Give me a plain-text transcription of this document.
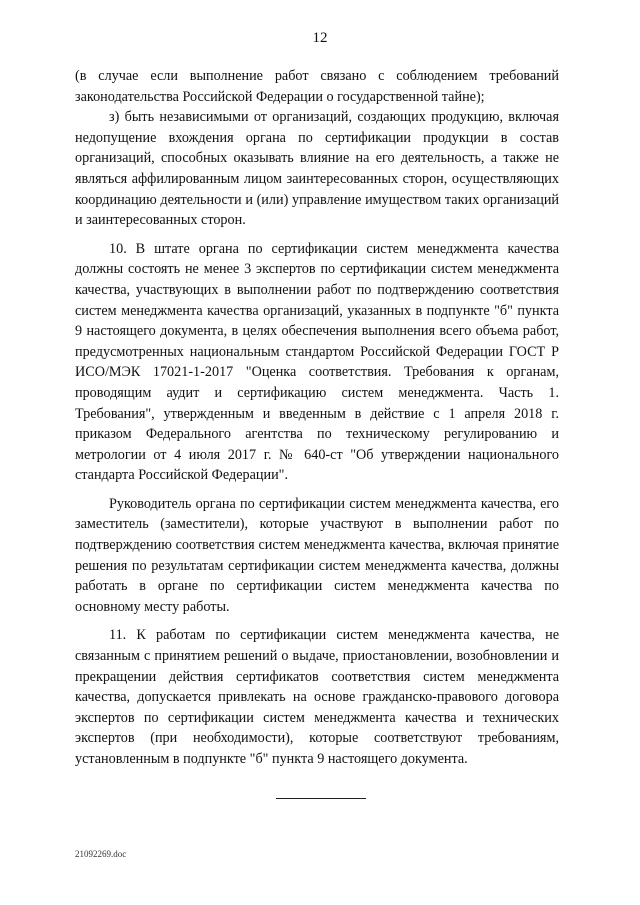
12

(в случае если выполнение работ связано с соблюдением требований законодательства Российской Федерации о государственной тайне);

з) быть независимыми от организаций, создающих продукцию, включая недопущение вхождения органа по сертификации продукции в состав организаций, способных оказывать влияние на его деятельность, а также не являться аффилированным лицом заинтересованных сторон, осуществляющих координацию деятельности и (или) управление имуществом таких организаций и заинтересованных сторон.

10. В штате органа по сертификации систем менеджмента качества должны состоять не менее 3 экспертов по сертификации систем менеджмента качества, участвующих в выполнении работ по подтверждению соответствия систем менеджмента качества организаций, указанных в подпункте "б" пункта 9 настоящего документа, в целях обеспечения выполнения всего объема работ, предусмотренных национальным стандартом Российской Федерации ГОСТ Р ИСО/МЭК 17021-1-2017 "Оценка соответствия. Требования к органам, проводящим аудит и сертификацию систем менеджмента. Часть 1. Требования", утвержденным и введенным в действие с 1 апреля 2018 г. приказом Федерального агентства по техническому регулированию и метрологии от 4 июля 2017 г. № 640-ст "Об утверждении национального стандарта Российской Федерации".

Руководитель органа по сертификации систем менеджмента качества, его заместитель (заместители), которые участвуют в выполнении работ по подтверждению соответствия систем менеджмента качества, включая принятие решения по результатам сертификации систем менеджмента качества, должны работать в органе по сертификации систем менеджмента качества по основному месту работы.

11. К работам по сертификации систем менеджмента качества, не связанным с принятием решений о выдаче, приостановлении, возобновлении и прекращении действия сертификатов соответствия систем менеджмента качества, допускается привлекать на основе гражданско-правового договора экспертов по сертификации систем менеджмента качества и технических экспертов (при необходимости), которые соответствуют требованиям, установленным в подпункте "б" пункта 9 настоящего документа.

21092269.doc
